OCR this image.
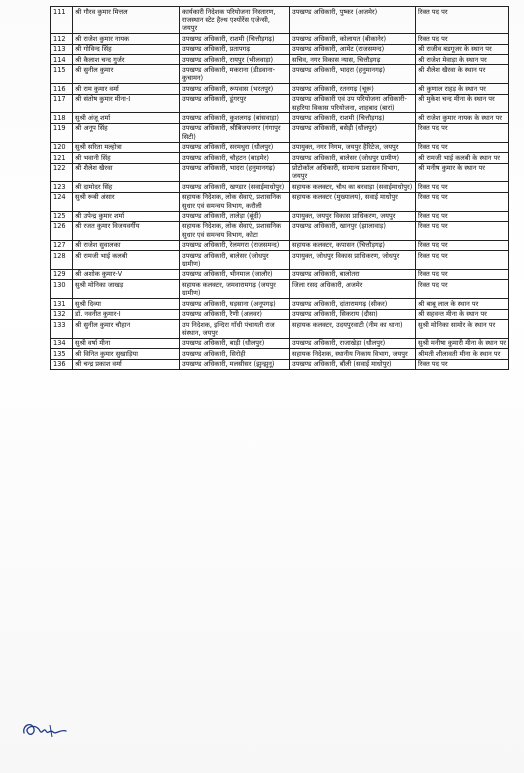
111	श्री गौरव कुमार मित्तल	कार्यकारी निदेशक परियोजना निस्तारण, राजस्थान स्टेट हैल्थ एश्योरेंस एजेन्सी, जयपुर	उपखण्ड अधिकारी, पुष्कर (अजमेर)	रिक्त पद पर
112	श्री राजेश कुमार नायक	उपखण्ड अधिकारी, राशमी (चित्तौड़गढ़)	उपखण्ड अधिकारी, कोलायत (बीकानेर)	रिक्त पद पर
113	श्री गोविन्द सिंह	उपखण्ड अधिकारी, प्रतापगढ़	उपखण्ड अधिकारी, आमेट (राजसमन्द)	श्री राजीव बडगूजर के स्थान पर
114	श्री कैलाश चन्द गुर्जर	उपखण्ड अधिकारी, रायपुर (भीलवाड़ा)	सचिव, नगर विकास न्यास, चित्तौड़गढ़	श्री राजेश मेवाड़ा के स्थान पर
115	श्री सुनील कुमार	उपखण्ड अधिकारी, मकराना (डीडवाना-कुचामन)	उपखण्ड अधिकारी, भादरा (हनुमानगढ़)	श्री शैलेश खैरवा के स्थान पर
116	श्री राम कुमार वर्मा	उपखण्ड अधिकारी, रूपवास (भरतपुर)	उपखण्ड अधिकारी, रतनगढ़ (चूरू)	श्री कुणाल राहड़ के स्थान पर
117	श्री संतोष कुमार मीना-I	उपखण्ड अधिकारी, डूंगरपुर	उपखण्ड अधिकारी एवं उप परियोजना अधिकारी-सहरिया विकास परियोजना, शाहबाद (बारां)	श्री मुकेश चन्द मीना के स्थान पर
118	सुश्री अंजू शर्मा	उपखण्ड अधिकारी, कुशलगढ़ (बांसवाड़ा)	उपखण्ड अधिकारी, राशमी (चित्तौड़गढ़)	श्री राजेश कुमार नायक के स्थान पर
119	श्री अनूप सिंह	उपखण्ड अधिकारी, श्रीबिजयनगर (गंगापुर सिटी)	उपखण्ड अधिकारी, बसेड़ी (धौलपुर)	रिक्त पद पर
120	सुश्री सरिता मल्होत्रा	उपखण्ड अधिकारी, सरमथुरा (धौलपुर)	उपायुक्त, नगर निगम, जयपुर हैरिटेज, जयपुर	रिक्त पद पर
121	श्री भवानी सिंह	उपखण्ड अधिकारी, चौहटन (बाड़मेर)	उपखण्ड अधिकारी, बालेसर (जोधपुर ग्रामीण)	श्री रामजी भाई कलबी के स्थान पर
122	श्री शैलेश खैरवा	उपखण्ड अधिकारी, भादरा (हनुमानगढ़)	प्रोटोकॉल अधिकारी, सामान्य प्रशासन विभाग, जयपुर	श्री मनीष कुमार के स्थान पर
123	श्री दामोदर सिंह	उपखण्ड अधिकारी, खण्डार (सवाईमाधोपुर)	सहायक कलक्टर, चौथ का बरवाड़ा (सवाईमाधोपुर)	रिक्त पद पर
124	सुश्री रूबी अंसार	सहायक निदेशक, लोक सेवाएं, प्रशासनिक सुधार एवं समन्वय विभाग, करौली	सहायक कलक्टर (मुख्यालय), सवाई माधोपुर	रिक्त पद पर
125	श्री उपेन्द्र कुमार शर्मा	उपखण्ड अधिकारी, तालेड़ा (बूंदी)	उपायुक्त, जयपुर विकास प्राधिकरण, जयपुर	रिक्त पद पर
126	श्री रजत कुमार विजयवर्गीय	सहायक निदेशक, लोक सेवाएं, प्रशासनिक सुधार एवं समन्वय विभाग, कोटा	उपखण्ड अधिकारी, खानपुर (झालावाड़)	रिक्त पद पर
127	श्री राजेश सुवालका	उपखण्ड अधिकारी, रेलमगरा (राजसमन्द)	सहायक कलक्टर, कपासन (चित्तौड़गढ़)	रिक्त पद पर
128	श्री रामजी भाई कलबी	उपखण्ड अधिकारी, बालेसर (जोधपुर ग्रामीण)	उपायुक्त, जोधपुर विकास प्राधिकरण, जोधपुर	रिक्त पद पर
129	श्री अशोक कुमार-V	उपखण्ड अधिकारी, भीनमाल (जालौर)	उपखण्ड अधिकारी, बालोतरा	रिक्त पद पर
130	सुश्री मोनिका जाखड़	सहायक कलक्टर, जमवारामगढ़ (जयपुर ग्रामीण)	जिला रसद अधिकारी, अजमेर	रिक्त पद पर
131	सुश्री दिव्या	उपखण्ड अधिकारी, घड़साना (अनूपगढ़)	उपखण्ड अधिकारी, दांतारामगढ़ (सीकर)	श्री बाबू लाल के स्थान पर
132	डॉ. नवनीत कुमार-I	उपखण्ड अधिकारी, रैणी (अलवर)	उपखण्ड अधिकारी, सिकराय (दौसा)	श्री सहवन्त मीना के स्थान पर
133	श्री सुनील कुमार चौहान	उप निदेशक, इन्दिरा गाँधी पंचायती राज संस्थान, जयपुर	सहायक कलक्टर, उदयपुरवाटी (नीम का थाना)	सुश्री मोनिका सामोर के स्थान पर
134	सुश्री वर्षा मीना	उपखण्ड अधिकारी, बाड़ी (धौलपुर)	उपखण्ड अधिकारी, राजाखेड़ा (धौलपुर)	सुश्री मनीषा कुमारी मीना के स्थान पर
135	श्री विनित कुमार सुखाड़िया	उपखण्ड अधिकारी, सिरोही	सहायक निदेशक, स्थानीय निकाय विभाग, जयपुर	श्रीमती शीलावती मीना के स्थान पर
136	श्री चन्द्र प्रकाश वर्मा	उपखण्ड अधिकारी, मलसीसर (झुन्झुनू)	उपखण्ड अधिकारी, बौंली (सवाई माधोपुर)	रिक्त पद पर
